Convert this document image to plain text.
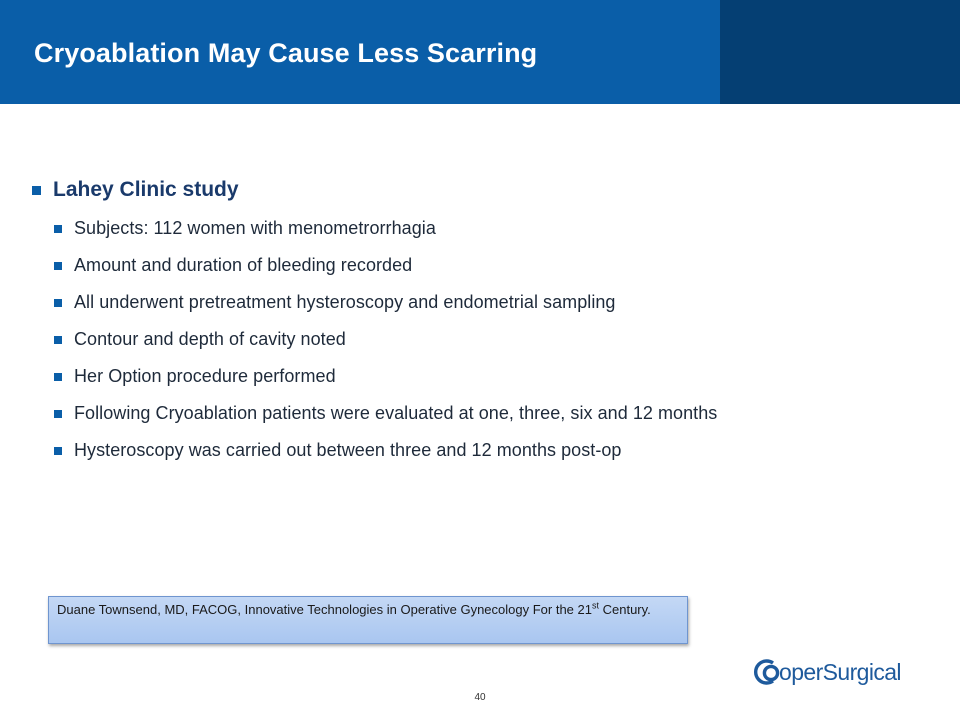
Cryoablation May Cause Less Scarring
Lahey Clinic study
Subjects: 112 women with menometrorrhagia
Amount and duration of bleeding recorded
All underwent pretreatment hysteroscopy and endometrial sampling
Contour and depth of cavity noted
Her Option procedure performed
Following Cryoablation patients were evaluated at one, three, six and 12 months
Hysteroscopy was carried out between three and 12 months post-op
Duane Townsend, MD, FACOG, Innovative Technologies in Operative Gynecology For the 21st Century.
operSurgical
40
